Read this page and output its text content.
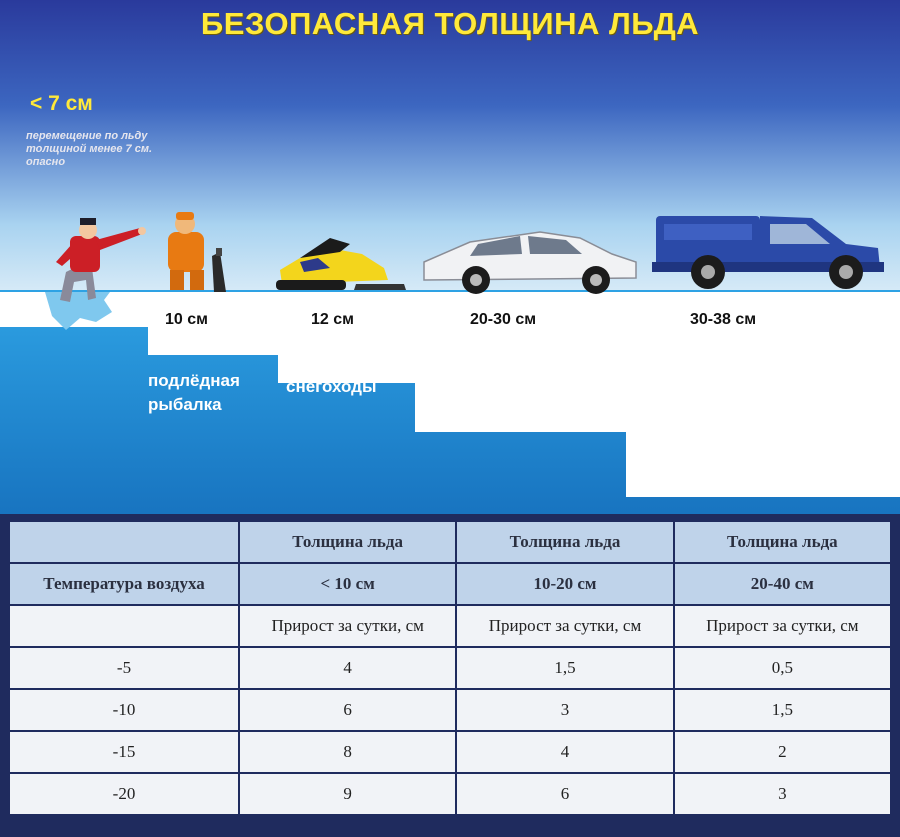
БЕЗОПАСНАЯ ТОЛЩИНА ЛЬДА

< 7 см

перемещение по льду толщиной менее 7 см. опасно

10 см	12 см	20-30 см	30-38 см

подлёдная

рыбалка

снегоходы

легковые

автомобили

джипы

пикапы

	Толщина льда	Толщина льда	Толщина льда
Температура воздуха	< 10 см	10-20 см	20-40 см
	Прирост за сутки, см	Прирост за сутки, см	Прирост за сутки, см
-5	4	1,5	0,5
-10	6	3	1,5
-15	8	4	2
-20	9	6	3
